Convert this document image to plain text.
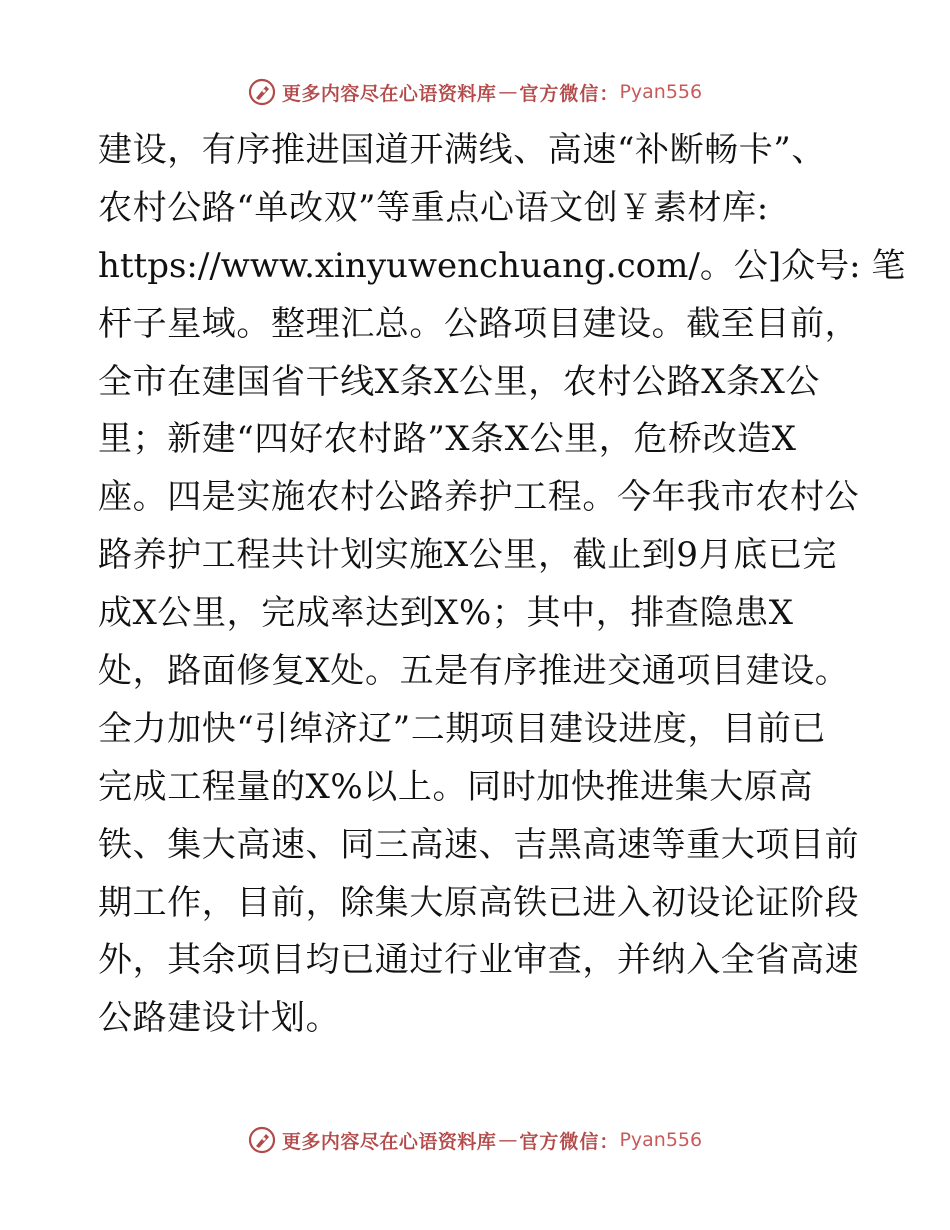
更多内容尽在心语资料库 — 官方微信： Pyan556
建设，有序推进国道开满线、高速“补断畅卡”、
农村公路“单改双”等重点心语文创￥素材库:
https://www.xinyuwenchuang.com/。公]众号: 笔
杆子星域。整理汇总。公路项目建设。截至目前，
全市在建国省干线X条X公里，农村公路X条X公
里；新建“四好农村路”X条X公里，危桥改造X
座。四是实施农村公路养护工程。今年我市农村公
路养护工程共计划实施X公里，截止到9月底已完
成X公里，完成率达到X%；其中，排查隐患X
处，路面修复X处。五是有序推进交通项目建设。
全力加快“引绰济辽”二期项目建设进度，目前已
完成工程量的X%以上。同时加快推进集大原高
铁、集大高速、同三高速、吉黑高速等重大项目前
期工作，目前，除集大原高铁已进入初设论证阶段
外，其余项目均已通过行业审查，并纳入全省高速
公路建设计划。
更多内容尽在心语资料库 — 官方微信： Pyan556
